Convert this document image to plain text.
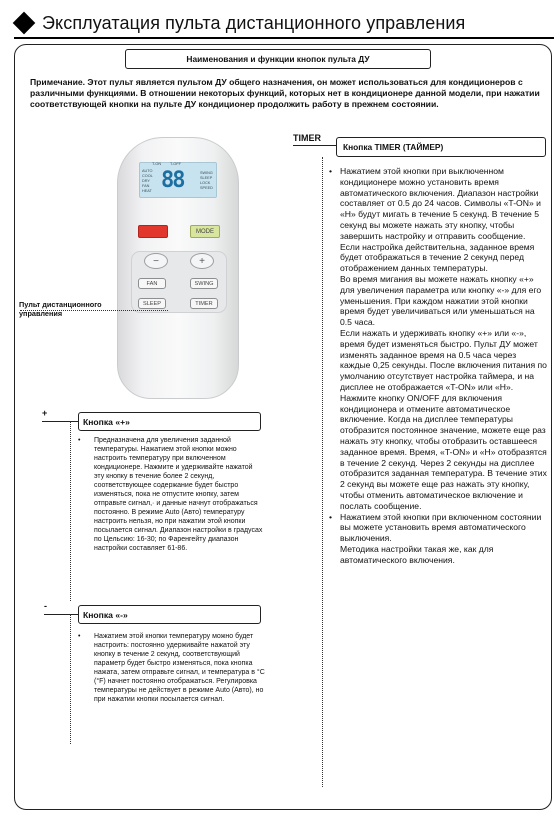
Эксплуатация пульта дистанционного управления
Наименования и функции кнопок пульта ДУ
Примечание. Этот пульт является пультом ДУ общего назначения, он может использоваться для кондиционеров с различными функциями. В отношении некоторых функций, которых нет в кондиционере данной модели, при нажатии соответствующей кнопки на пульте ДУ кондиционер продолжить работу в прежнем состоянии.
T-ON T-OFF
AUTO
COOL
DRY
FAN
HEAT 88	SWING
SLEEP
LOCK
SPEED
MODE
−	+
FAN	SWING
SLEEP	TIMER
Пульт дистанционного управления
TIMER
Кнопка TIMER (ТАЙМЕР)
• Нажатием этой кнопки при выключенном кондиционере можно установить время автоматического включения. Диапазон настройки составляет от 0.5 до 24 часов. Символы «T-ON» и «H» будут мигать в течение 5 секунд. В течение 5 секунд вы можете нажать эту кнопку, чтобы завершить настройку и отправить сообщение. Если настройка действительна, заданное время будет отображаться в течение 2 секунд перед отображением данных температуры.

Во время мигания вы можете нажать кнопку «+» для увеличения параметра или кнопку «-» для его уменьшения. При каждом нажатии этой кнопки время будет увеличиваться или уменьшаться на 0.5 часа.

Если нажать и удерживать кнопку «+» или «-», время будет изменяться быстро. Пульт ДУ может изменять заданное время на 0.5 часа через каждые 0,25 секунды. После включения питания по умолчанию отсутствует настройка таймера, и на дисплее не отображается «T-ON» или «H». Нажмите кнопку ON/OFF для включения кондиционера и отмените автоматическое включение. Когда на дисплее температуры отобразится постоянное значение, можете еще раз нажать эту кнопку, чтобы отобразить оставшееся заданное время. Время, «T-ON» и «H» отобразятся в течение 2 секунд. Через 2 секунды на дисплее отобразится заданная температура. В течение этих 2 секунд вы можете еще раз нажать эту кнопку, чтобы отменить автоматическое включение и послать сообщение.

• Нажатием этой кнопки при включенном состоянии вы можете установить время автоматического выключения.

Методика настройки такая же, как для автоматического включения.

+
Кнопка «+»
•	Предназначена для увеличения заданной температуры. Нажатием этой кнопки можно настроить температуру при включенном кондиционере. Нажмите и удерживайте нажатой эту кнопку в течение более 2 секунд, соответствующее содержание будет быстро изменяться, пока не отпустите кнопку, затем отправьте сигнал,· и данные начнут отображаться постоянно. В режиме Auto (Авто) температуру настроить нельзя, но при нажатии этой кнопки посылается сигнал. Диапазон настройки в градусах по Цельсию: 16-30; по Фаренгейту диапазон настройки составляет 61-86.
-
Кнопка «-»
•	Нажатием этой кнопки температуру можно будет настроить: постоянно удерживайте нажатой эту кнопку в течение 2 секунд, соответствующий параметр будет быстро изменяться, пока кнопка нажата, затем отправьте сигнал, и температура в °С (°F) начнет постоянно отображаться. Регулировка температуры не действует в режиме Auto (Авто), но при нажатии кнопки посылается сигнал.
